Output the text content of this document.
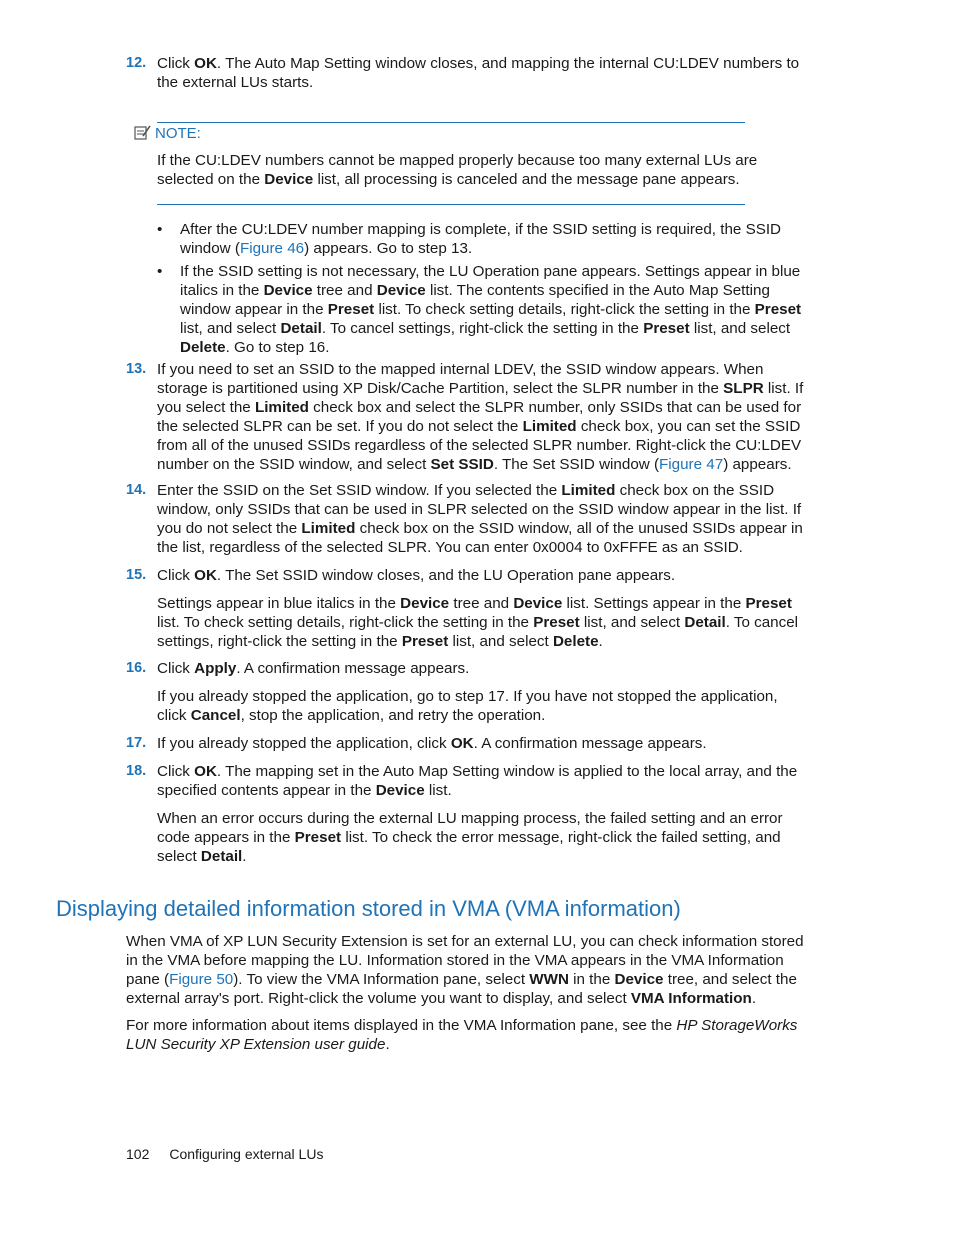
12. Click OK. The Auto Map Setting window closes, and mapping the internal CU:LDEV numbers to the external LUs starts.
NOTE:
If the CU:LDEV numbers cannot be mapped properly because too many external LUs are selected on the Device list, all processing is canceled and the message pane appears.
• After the CU:LDEV number mapping is complete, if the SSID setting is required, the SSID window (Figure 46) appears. Go to step 13.
• If the SSID setting is not necessary, the LU Operation pane appears. Settings appear in blue italics in the Device tree and Device list. The contents specified in the Auto Map Setting window appear in the Preset list. To check setting details, right-click the setting in the Preset list, and select Detail. To cancel settings, right-click the setting in the Preset list, and select Delete. Go to step 16.
13. If you need to set an SSID to the mapped internal LDEV, the SSID window appears. When storage is partitioned using XP Disk/Cache Partition, select the SLPR number in the SLPR list. If you select the Limited check box and select the SLPR number, only SSIDs that can be used for the selected SLPR can be set. If you do not select the Limited check box, you can set the SSID from all of the unused SSIDs regardless of the selected SLPR number. Right-click the CU:LDEV number on the SSID window, and select Set SSID. The Set SSID window (Figure 47) appears.
14. Enter the SSID on the Set SSID window. If you selected the Limited check box on the SSID window, only SSIDs that can be used in SLPR selected on the SSID window appear in the list. If you do not select the Limited check box on the SSID window, all of the unused SSIDs appear in the list, regardless of the selected SLPR. You can enter 0x0004 to 0xFFFE as an SSID.
15. Click OK. The Set SSID window closes, and the LU Operation pane appears.
Settings appear in blue italics in the Device tree and Device list. Settings appear in the Preset list. To check setting details, right-click the setting in the Preset list, and select Detail. To cancel settings, right-click the setting in the Preset list, and select Delete.
16. Click Apply. A confirmation message appears.
If you already stopped the application, go to step 17. If you have not stopped the application, click Cancel, stop the application, and retry the operation.
17. If you already stopped the application, click OK. A confirmation message appears.
18. Click OK. The mapping set in the Auto Map Setting window is applied to the local array, and the specified contents appear in the Device list.
When an error occurs during the external LU mapping process, the failed setting and an error code appears in the Preset list. To check the error message, right-click the failed setting, and select Detail.
Displaying detailed information stored in VMA (VMA information)
When VMA of XP LUN Security Extension is set for an external LU, you can check information stored in the VMA before mapping the LU. Information stored in the VMA appears in the VMA Information pane (Figure 50). To view the VMA Information pane, select WWN in the Device tree, and select the external array's port. Right-click the volume you want to display, and select VMA Information.
For more information about items displayed in the VMA Information pane, see the HP StorageWorks LUN Security XP Extension user guide.
102 Configuring external LUs
